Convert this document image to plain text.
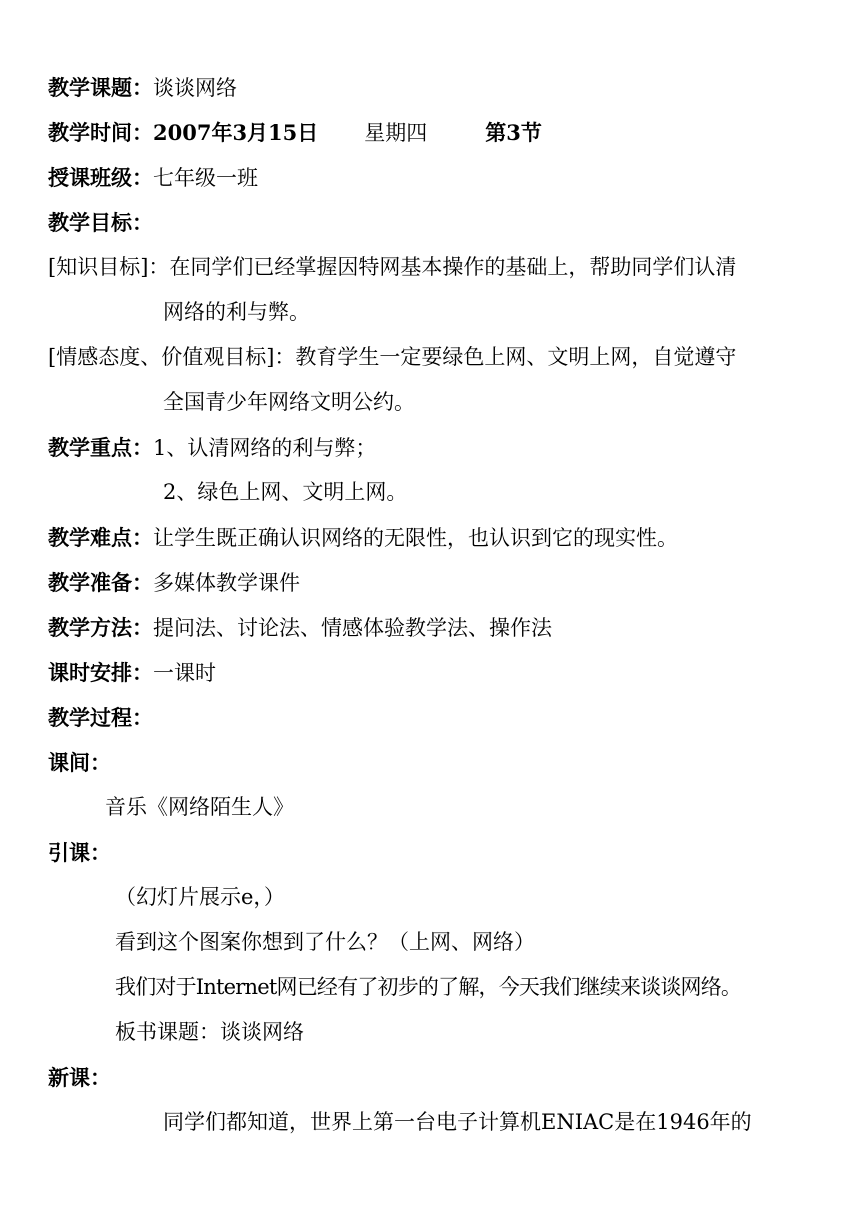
教学课题：谈谈网络
教学时间：2007年3月15日 星期四	第3节
授课班级：七年级一班
教学目标：
[知识目标]：在同学们已经掌握因特网基本操作的基础上，帮助同学们认清
网络的利与弊。
[情感态度、价值观目标]：教育学生一定要绿色上网、文明上网，自觉遵守
全国青少年网络文明公约。
教学重点：1、认清网络的利与弊；
2、绿色上网、文明上网。
教学难点：让学生既正确认识网络的无限性，也认识到它的现实性。
教学准备：多媒体教学课件
教学方法：提问法、讨论法、情感体验教学法、操作法
课时安排：一课时
教学过程：
课间：
音乐《网络陌生人》
引课：
（幻灯片展示e，）
看到这个图案你想到了什么？（上网、网络）
我们对于Internet网已经有了初步的了解，今天我们继续来谈谈网络。
板书课题：谈谈网络
新课：
同学们都知道，世界上第一台电子计算机ENIAC是在1946年的
